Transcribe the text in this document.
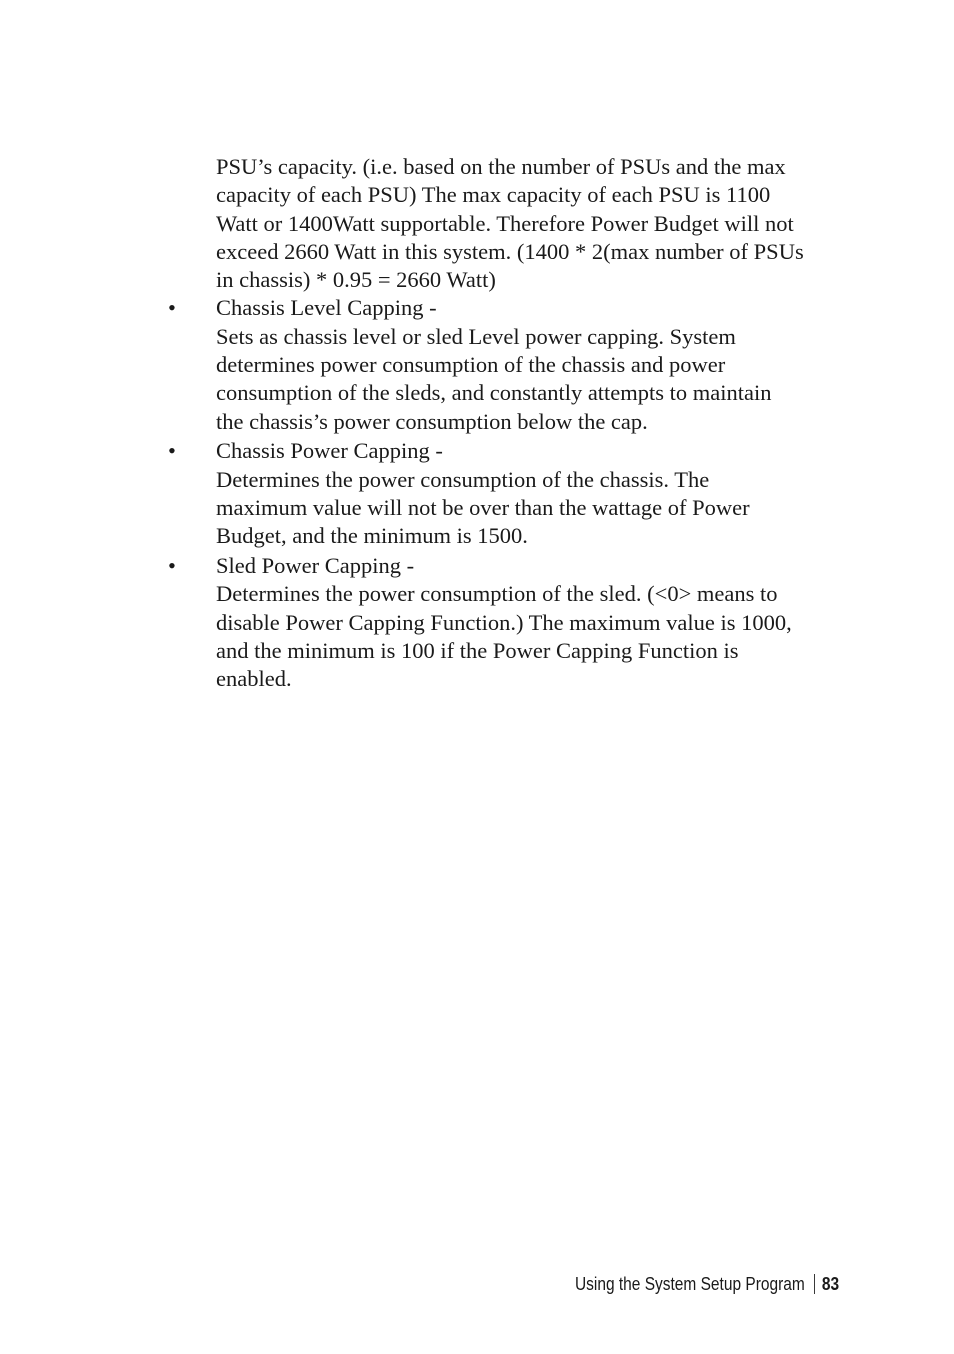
PSU’s capacity. (i.e. based on the number of PSUs and the max
capacity of each PSU) The max capacity of each PSU is 1100
Watt or 1400Watt supportable. Therefore Power Budget will not
exceed 2660 Watt in this system. (1400 * 2(max number of PSUs
in chassis) * 0.95 = 2660 Watt)

• Chassis Level Capping -
Sets as chassis level or sled Level power capping. System
determines power consumption of the chassis and power
consumption of the sleds, and constantly attempts to maintain
the chassis’s power consumption below the cap.
• Chassis Power Capping -
Determines the power consumption of the chassis. The
maximum value will not be over than the wattage of Power
Budget, and the minimum is 1500.
• Sled Power Capping -
Determines the power consumption of the sled. (<0> means to
disable Power Capping Function.) The maximum value is 1000,
and the minimum is 100 if the Power Capping Function is
enabled.
Using the System Setup Program 83
